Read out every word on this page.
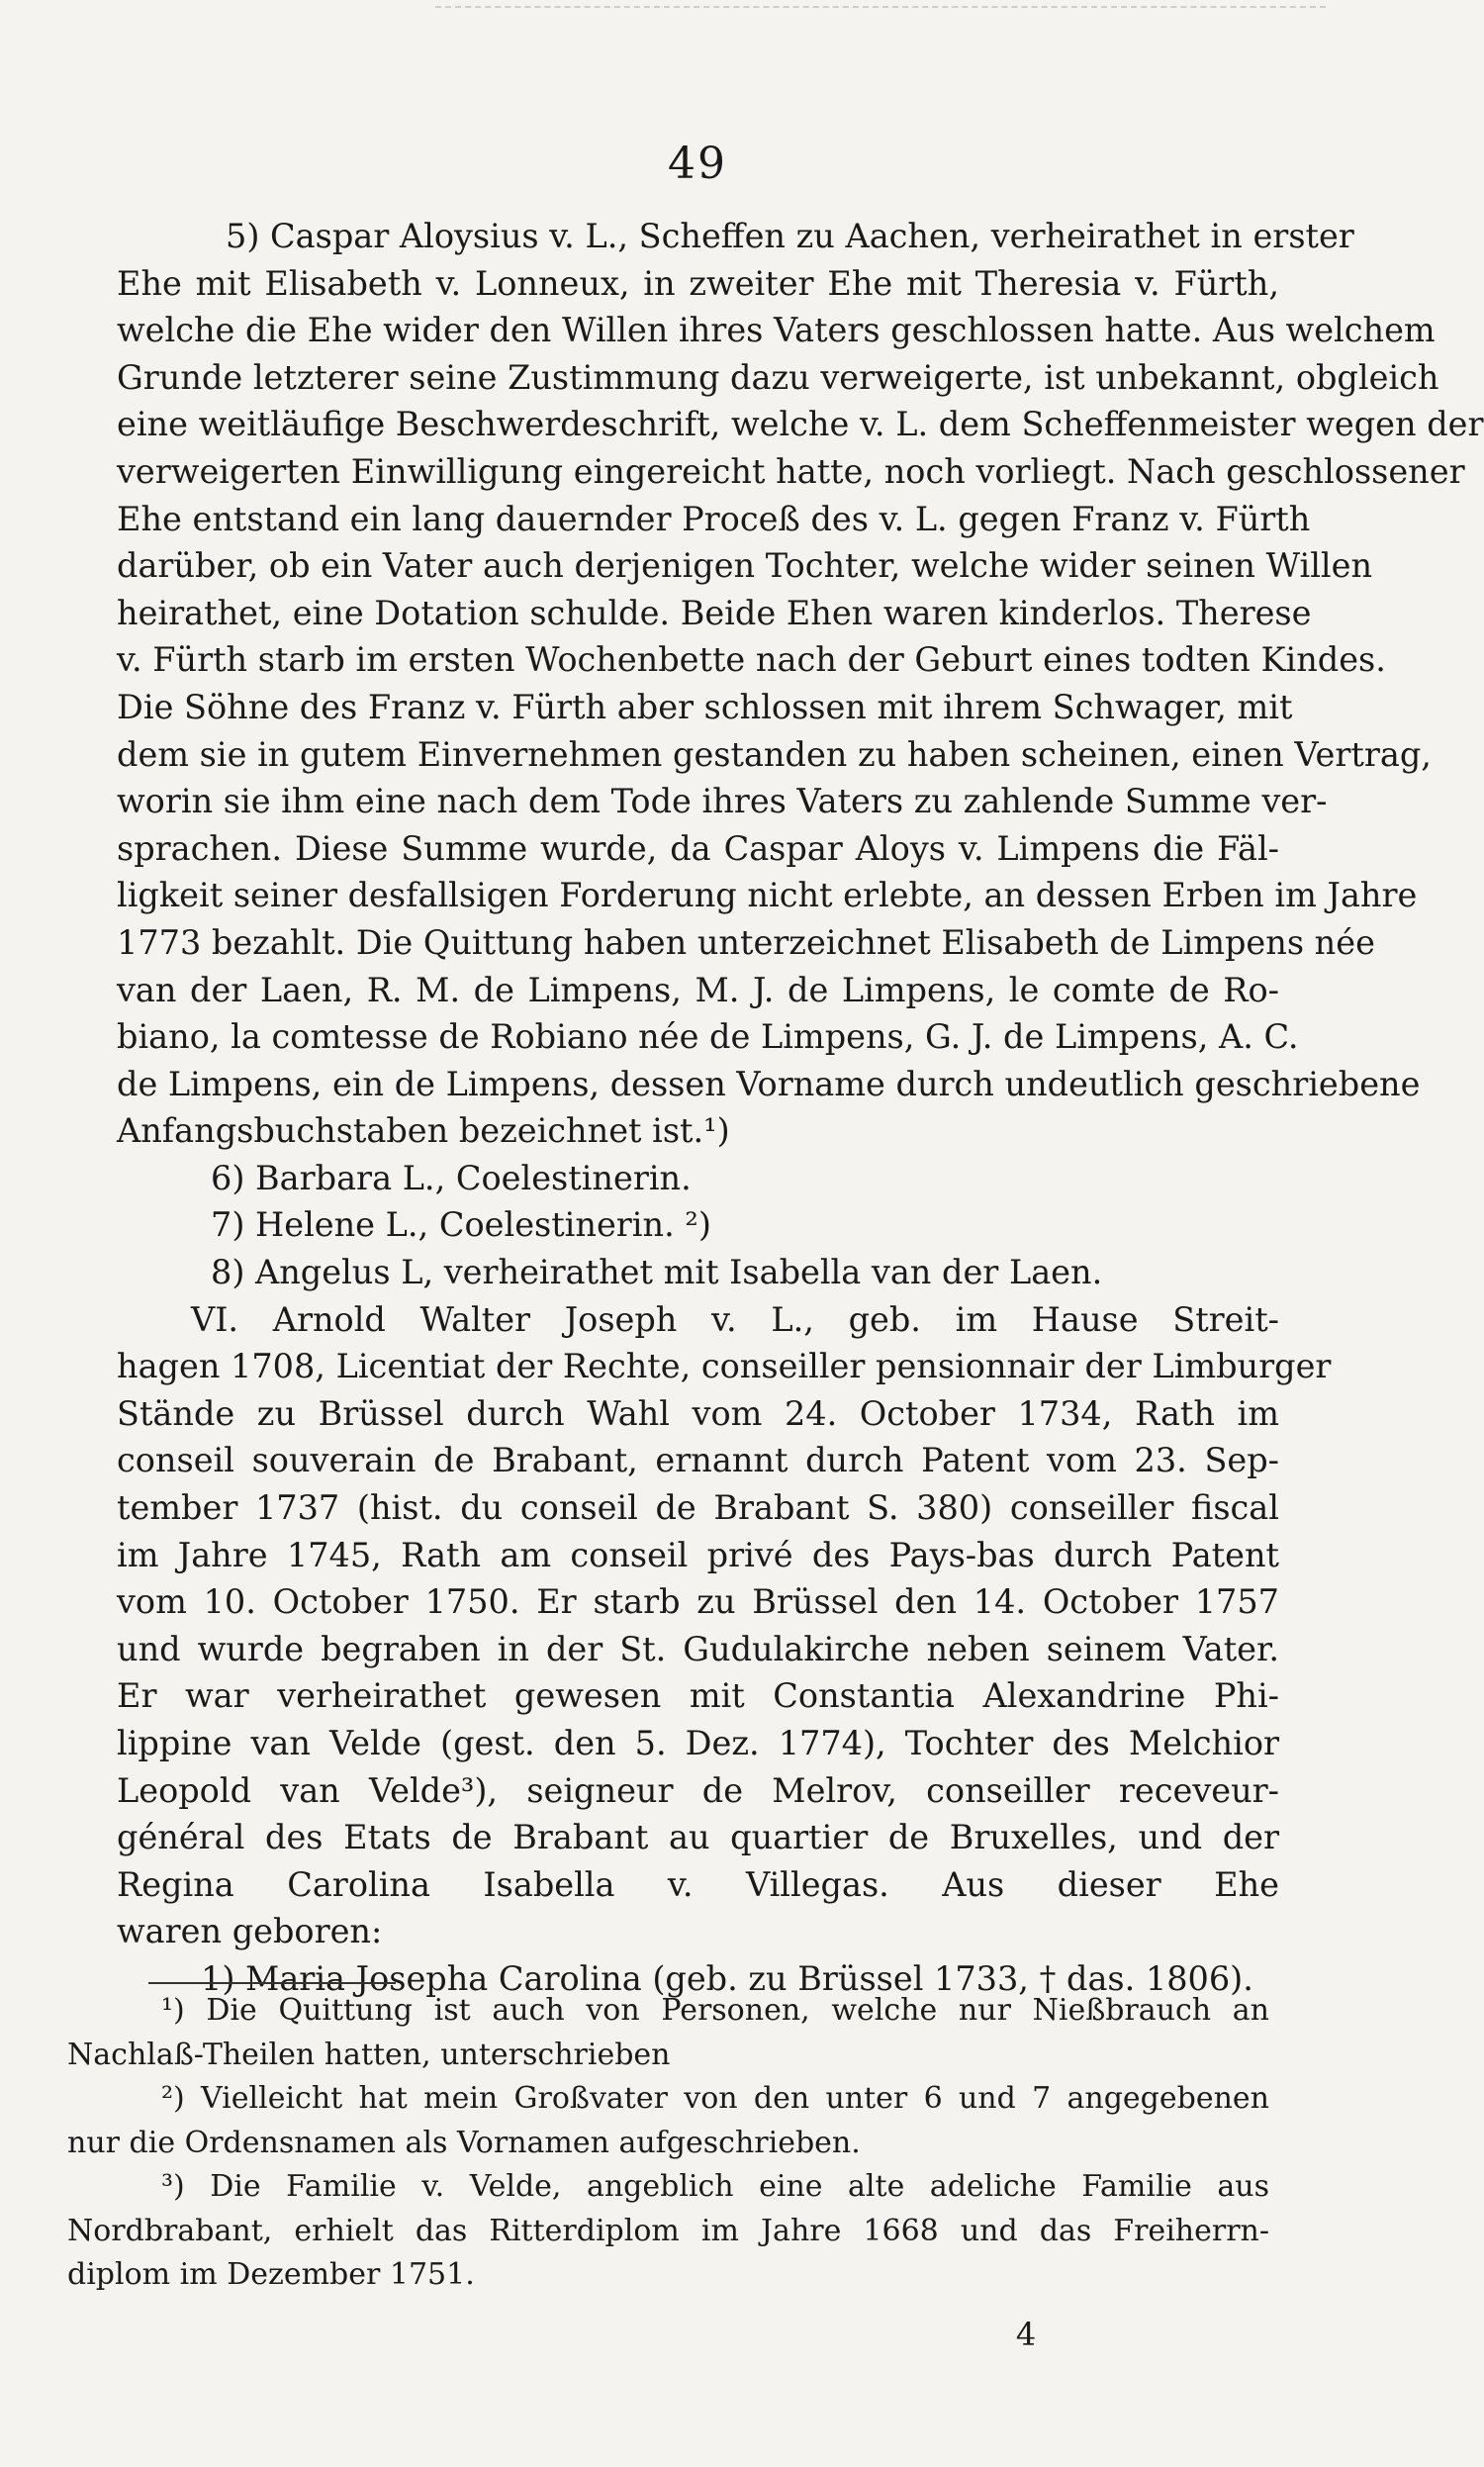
49
5) Caspar Aloysius v. L., Scheffen zu Aachen, verheirathet in erster
Ehe mit Elisabeth v. Lonneux, in zweiter Ehe mit Theresia v. Fürth,
welche die Ehe wider den Willen ihres Vaters geschlossen hatte. Aus welchem
Grunde letzterer seine Zustimmung dazu verweigerte, ist unbekannt, obgleich
eine weitläufige Beschwerdeschrift, welche v. L. dem Scheffenmeister wegen der
verweigerten Einwilligung eingereicht hatte, noch vorliegt. Nach geschlossener
Ehe entstand ein lang dauernder Proceß des v. L. gegen Franz v. Fürth
darüber, ob ein Vater auch derjenigen Tochter, welche wider seinen Willen
heirathet, eine Dotation schulde. Beide Ehen waren kinderlos. Therese
v. Fürth starb im ersten Wochenbette nach der Geburt eines todten Kindes.
Die Söhne des Franz v. Fürth aber schlossen mit ihrem Schwager, mit
dem sie in gutem Einvernehmen gestanden zu haben scheinen, einen Vertrag,
worin sie ihm eine nach dem Tode ihres Vaters zu zahlende Summe ver-
sprachen. Diese Summe wurde, da Caspar Aloys v. Limpens die Fäl-
ligkeit seiner desfallsigen Forderung nicht erlebte, an dessen Erben im Jahre
1773 bezahlt. Die Quittung haben unterzeichnet Elisabeth de Limpens née
van der Laen, R. M. de Limpens, M. J. de Limpens, le comte de Ro-
biano, la comtesse de Robiano née de Limpens, G. J. de Limpens, A. C.
de Limpens, ein de Limpens, dessen Vorname durch undeutlich geschriebene
Anfangsbuchstaben bezeichnet ist.¹)
6) Barbara L., Coelestinerin.
7) Helene L., Coelestinerin. ²)
8) Angelus L, verheirathet mit Isabella van der Laen.
VI. Arnold Walter Joseph v. L., geb. im Hause Streit-
hagen 1708, Licentiat der Rechte, conseiller pensionnair der Limburger
Stände zu Brüssel durch Wahl vom 24. October 1734, Rath im
conseil souverain de Brabant, ernannt durch Patent vom 23. Sep-
tember 1737 (hist. du conseil de Brabant S. 380) conseiller fiscal
im Jahre 1745, Rath am conseil privé des Pays-bas durch Patent
vom 10. October 1750. Er starb zu Brüssel den 14. October 1757
und wurde begraben in der St. Gudulakirche neben seinem Vater.
Er war verheirathet gewesen mit Constantia Alexandrine Phi-
lippine van Velde (gest. den 5. Dez. 1774), Tochter des Melchior
Leopold van Velde³), seigneur de Melrov, conseiller receveur-
général des Etats de Brabant au quartier de Bruxelles, und der
Regina Carolina Isabella v. Villegas. Aus dieser Ehe
waren geboren:
1) Maria Josepha Carolina (geb. zu Brüssel 1733, † das. 1806).
¹) Die Quittung ist auch von Personen, welche nur Nießbrauch an
Nachlaß-Theilen hatten, unterschrieben
²) Vielleicht hat mein Großvater von den unter 6 und 7 angegebenen
nur die Ordensnamen als Vornamen aufgeschrieben.
³) Die Familie v. Velde, angeblich eine alte adeliche Familie aus
Nordbrabant, erhielt das Ritterdiplom im Jahre 1668 und das Freiherrn-
diplom im Dezember 1751.
4
